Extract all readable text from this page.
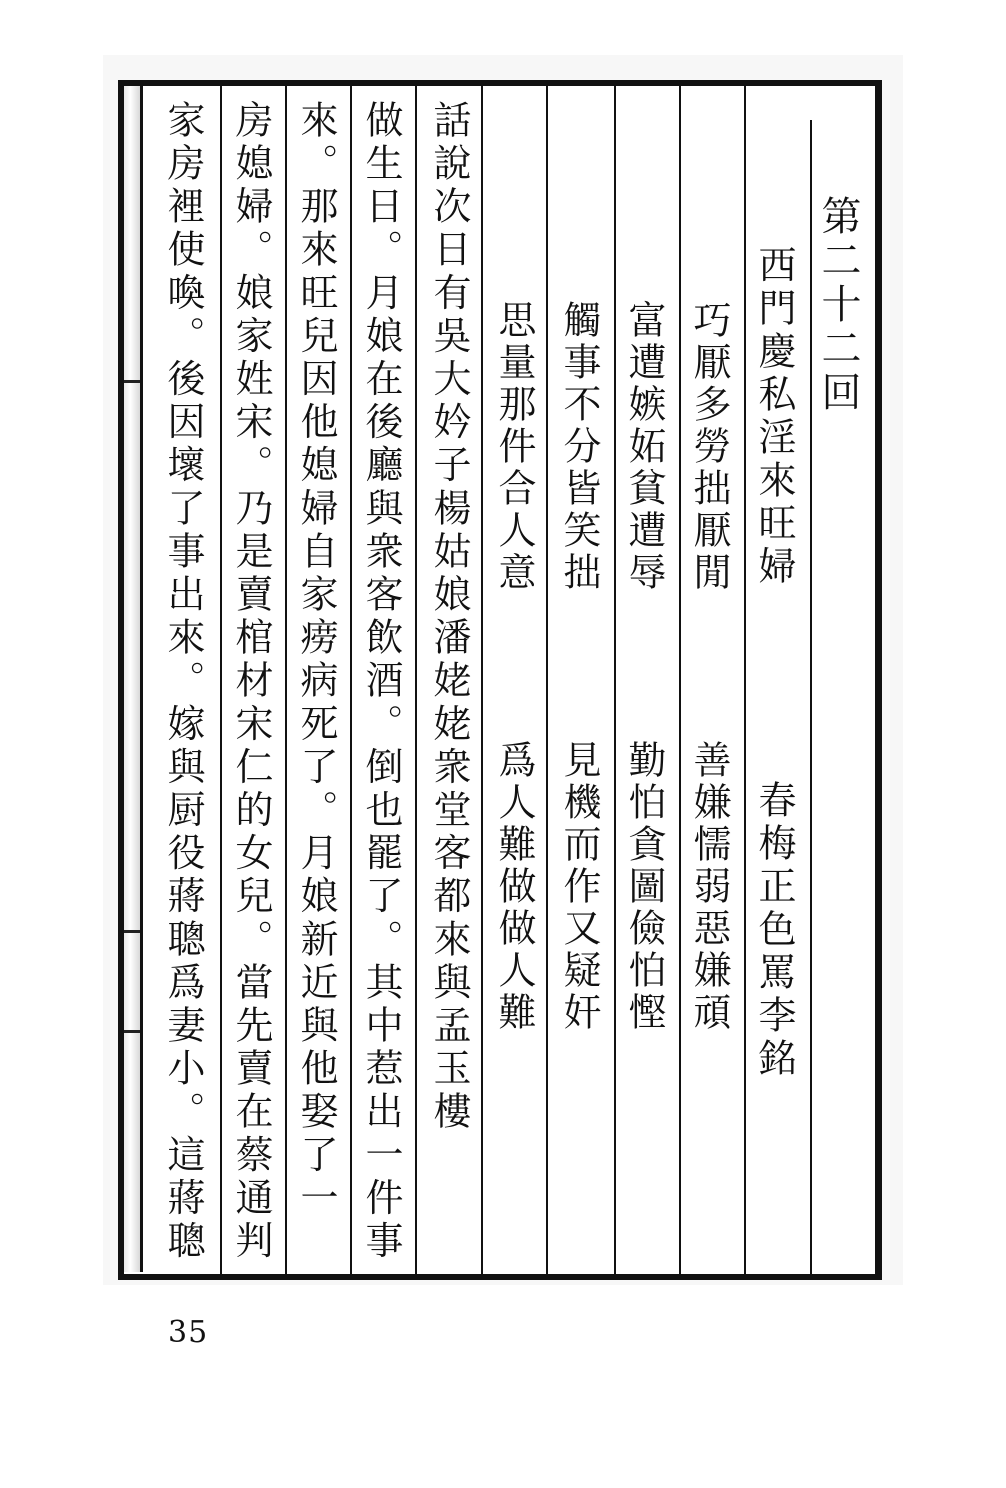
第二十二回
西門慶私淫來旺婦
春梅正色罵李銘
巧厭多勞拙厭閒
善嫌懦弱惡嫌頑
富遭嫉妬貧遭辱
勤怕貪圖儉怕慳
觸事不分皆笑拙
見機而作又疑奸
思量那件合人意
爲人難做做人難
話說次日有吳大妗子楊姑娘潘姥姥衆堂客都來與孟玉樓
做生日。月娘在後廳與衆客飲酒。倒也罷了。其中惹出一件事
來。那來旺兒因他媳婦自家痨病死了。月娘新近與他娶了一
房媳婦。娘家姓宋。乃是賣棺材宋仁的女兒。當先賣在蔡通判
家房裡使喚。後因壞了事出來。嫁與厨役蔣聰爲妻小。這蔣聰
35
